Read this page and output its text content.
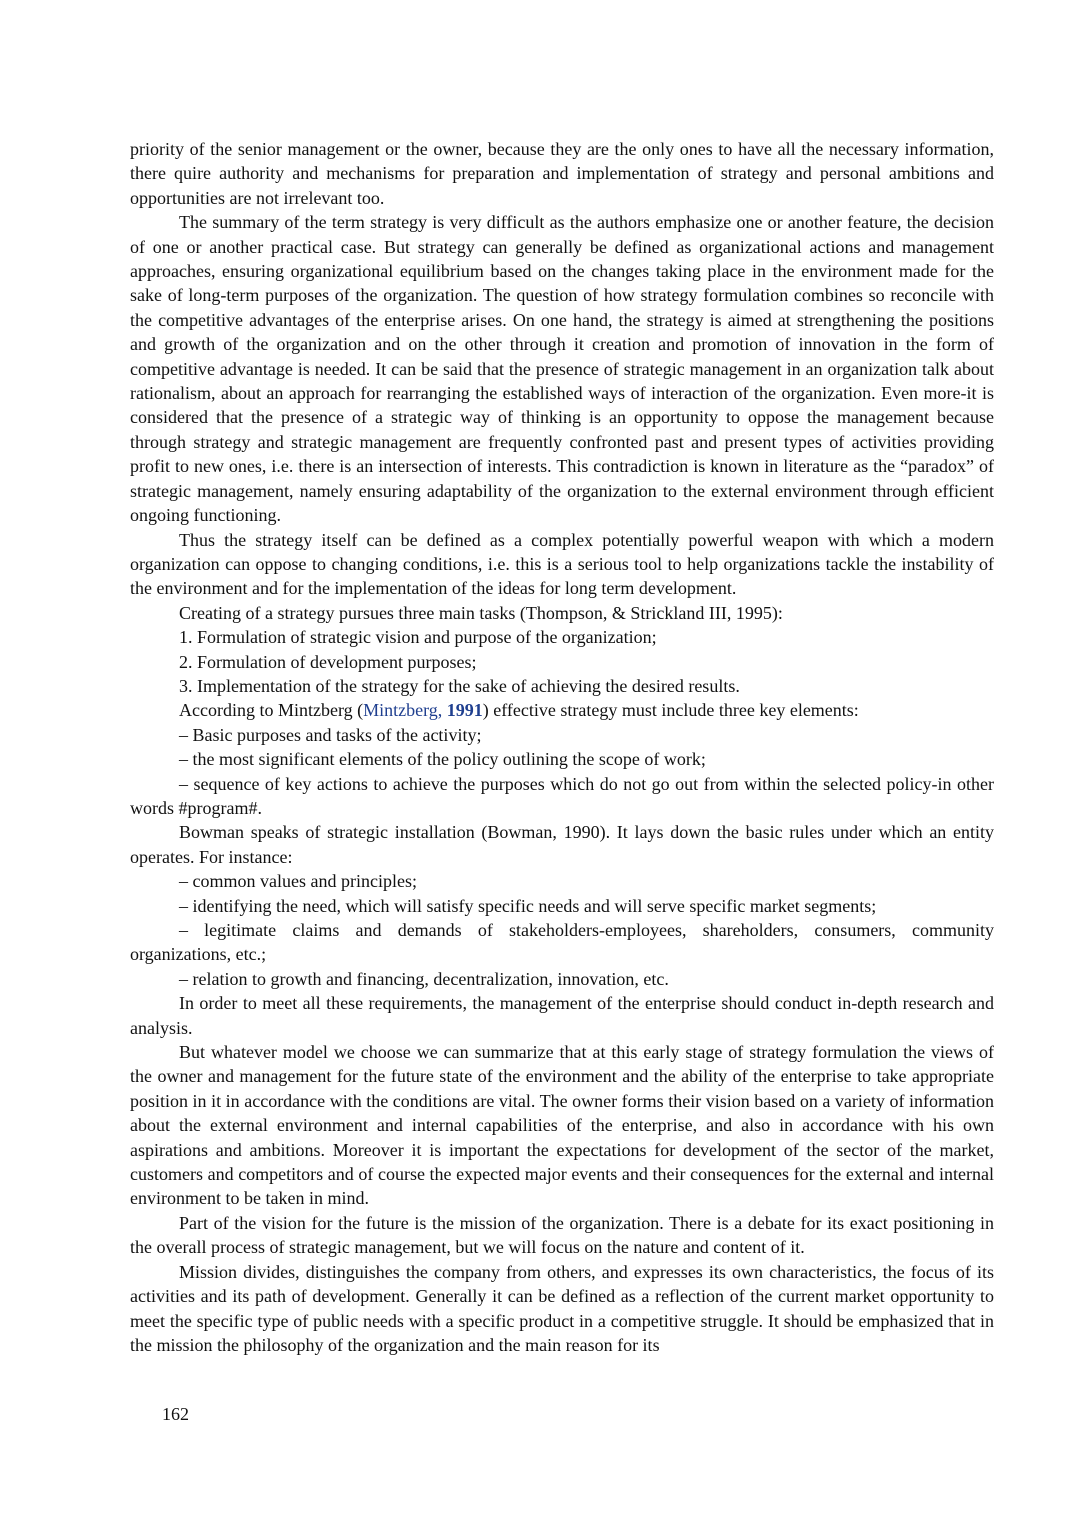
priority of the senior management or the owner, because they are the only ones to have all the necessary information, there quire authority and mechanisms for preparation and implementation of strategy and personal ambitions and opportunities are not irrelevant too.

The summary of the term strategy is very difficult as the authors emphasize one or another feature, the decision of one or another practical case. But strategy can generally be defined as organizational actions and management approaches, ensuring organizational equilibrium based on the changes taking place in the environment made for the sake of long-term purposes of the organization. The question of how strategy formulation combines so reconcile with the competitive advantages of the enterprise arises. On one hand, the strategy is aimed at strengthening the positions and growth of the organization and on the other through it creation and promotion of innovation in the form of competitive advantage is needed. It can be said that the presence of strategic management in an organization talk about rationalism, about an approach for rearranging the established ways of interaction of the organization. Even more-it is considered that the presence of a strategic way of thinking is an opportunity to oppose the management because through strategy and strategic management are frequently confronted past and present types of activities providing profit to new ones, i.e. there is an intersection of interests. This contradiction is known in literature as the “paradox” of strategic management, namely ensuring adaptability of the organization to the external environment through efficient ongoing functioning.

Thus the strategy itself can be defined as a complex potentially powerful weapon with which a modern organization can oppose to changing conditions, i.e. this is a serious tool to help organizations tackle the instability of the environment and for the implementation of the ideas for long term development.

Creating of a strategy pursues three main tasks (Thompson, & Strickland III, 1995):

1. Formulation of strategic vision and purpose of the organization;

2. Formulation of development purposes;

3. Implementation of the strategy for the sake of achieving the desired results.

According to Mintzberg (Mintzberg, 1991) effective strategy must include three key elements:

– Basic purposes and tasks of the activity;

– the most significant elements of the policy outlining the scope of work;

– sequence of key actions to achieve the purposes which do not go out from within the selected policy-in other words #program#.

Bowman speaks of strategic installation (Bowman, 1990). It lays down the basic rules under which an entity operates. For instance:

– common values and principles;

– identifying the need, which will satisfy specific needs and will serve specific market segments;

– legitimate claims and demands of stakeholders-employees, shareholders, consumers, community organizations, etc.;

– relation to growth and financing, decentralization, innovation, etc.

In order to meet all these requirements, the management of the enterprise should conduct in-depth research and analysis.

But whatever model we choose we can summarize that at this early stage of strategy formulation the views of the owner and management for the future state of the environment and the ability of the enterprise to take appropriate position in it in accordance with the conditions are vital. The owner forms their vision based on a variety of information about the external environment and internal capabilities of the enterprise, and also in accordance with his own aspirations and ambitions. Moreover it is important the expectations for development of the sector of the market, customers and competitors and of course the expected major events and their consequences for the external and internal environment to be taken in mind.

Part of the vision for the future is the mission of the organization. There is a debate for its exact positioning in the overall process of strategic management, but we will focus on the nature and content of it.

Mission divides, distinguishes the company from others, and expresses its own characteristics, the focus of its activities and its path of development. Generally it can be defined as a reflection of the current market opportunity to meet the specific type of public needs with a specific product in a competitive struggle. It should be emphasized that in the mission the philosophy of the organization and the main reason for its

162
